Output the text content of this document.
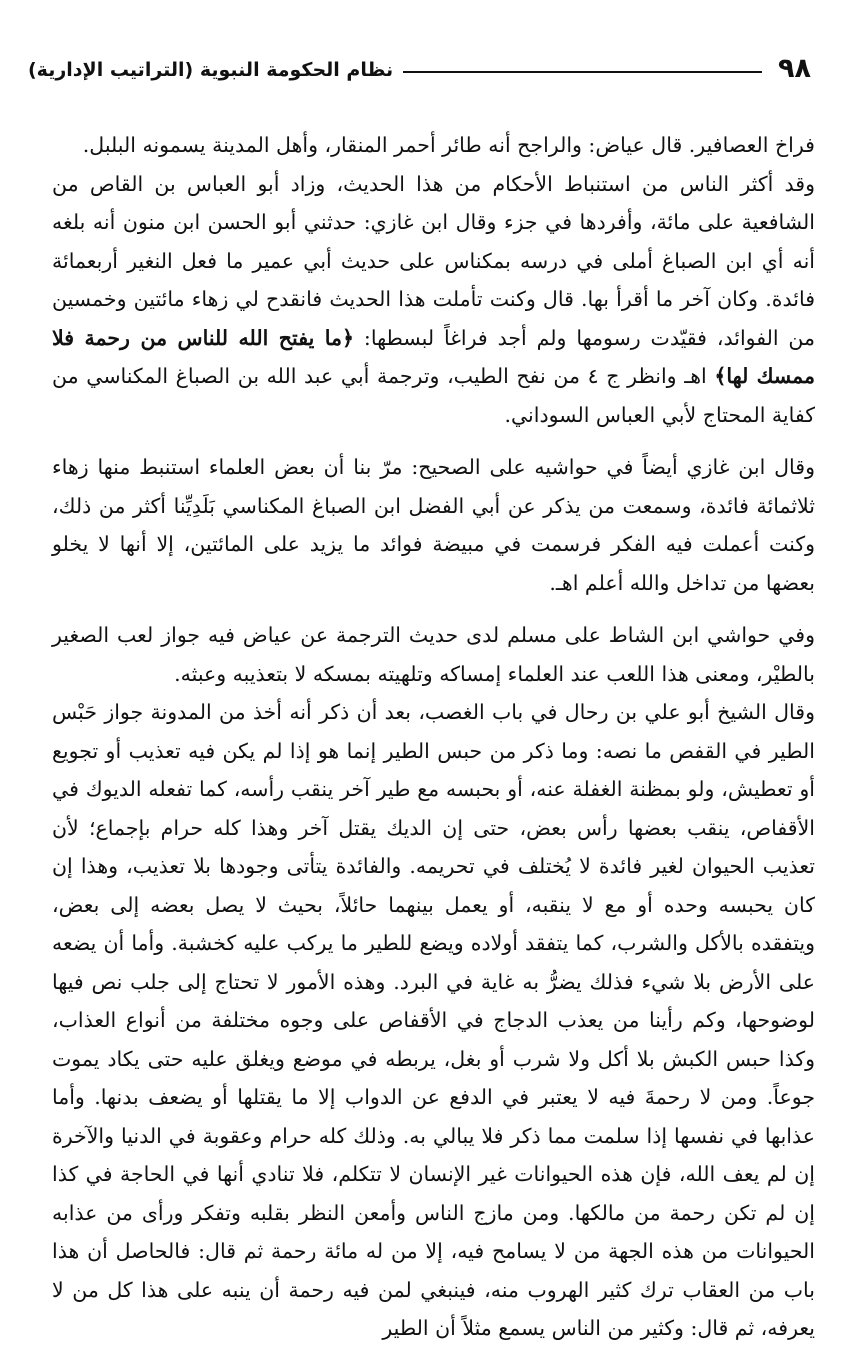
٩٨
نظام الحكومة النبوية (التراتيب الإدارية)

فراخ العصافير. قال عياض: والراجح أنه طائر أحمر المنقار، وأهل المدينة يسمونه البلبل.

وقد أكثر الناس من استنباط الأحكام من هذا الحديث، وزاد أبو العباس بن القاص من الشافعية على مائة، وأفردها في جزء وقال ابن غازي: حدثني أبو الحسن ابن منون أنه بلغه أنه أي ابن الصباغ أملى في درسه بمكناس على حديث أبي عمير ما فعل النغير أربعمائة فائدة. وكان آخر ما أقرأ بها. قال وكنت تأملت هذا الحديث فانقدح لي زهاء مائتين وخمسين من الفوائد، فقيّدت رسومها ولم أجد فراغاً لبسطها: ﴿ما يفتح الله للناس من رحمة فلا ممسك لها﴾ اهـ وانظر ج ٤ من نفح الطيب، وترجمة أبي عبد الله بن الصباغ المكناسي من كفاية المحتاج لأبي العباس السوداني.

وقال ابن غازي أيضاً في حواشيه على الصحيح: مرّ بنا أن بعض العلماء استنبط منها زهاء ثلاثمائة فائدة، وسمعت من يذكر عن أبي الفضل ابن الصباغ المكناسي بَلَدِيِّنا أكثر من ذلك، وكنت أعملت فيه الفكر فرسمت في مبيضة فوائد ما يزيد على المائتين، إلا أنها لا يخلو بعضها من تداخل والله أعلم اهـ.

وفي حواشي ابن الشاط على مسلم لدى حديث الترجمة عن عياض فيه جواز لعب الصغير بالطيْر، ومعنى هذا اللعب عند العلماء إمساكه وتلهيته بمسكه لا بتعذيبه وعبثه.

وقال الشيخ أبو علي بن رحال في باب الغصب، بعد أن ذكر أنه أخذ من المدونة جواز حَبْس الطير في القفص ما نصه: وما ذكر من حبس الطير إنما هو إذا لم يكن فيه تعذيب أو تجويع أو تعطيش، ولو بمظنة الغفلة عنه، أو بحبسه مع طير آخر ينقب رأسه، كما تفعله الديوك في الأقفاص، ينقب بعضها رأس بعض، حتى إن الديك يقتل آخر وهذا كله حرام بإجماع؛ لأن تعذيب الحيوان لغير فائدة لا يُختلف في تحريمه. والفائدة يتأتى وجودها بلا تعذيب، وهذا إن كان يحبسه وحده أو مع لا ينقبه، أو يعمل بينهما حائلاً، بحيث لا يصل بعضه إلى بعض، ويتفقده بالأكل والشرب، كما يتفقد أولاده ويضع للطير ما يركب عليه كخشبة. وأما أن يضعه على الأرض بلا شيء فذلك يضرُّ به غاية في البرد. وهذه الأمور لا تحتاج إلى جلب نص فيها لوضوحها، وكم رأينا من يعذب الدجاج في الأقفاص على وجوه مختلفة من أنواع العذاب، وكذا حبس الكبش بلا أكل ولا شرب أو بغل، يربطه في موضع ويغلق عليه حتى يكاد يموت جوعاً. ومن لا رحمةَ فيه لا يعتبر في الدفع عن الدواب إلا ما يقتلها أو يضعف بدنها. وأما عذابها في نفسها إذا سلمت مما ذكر فلا يبالي به. وذلك كله حرام وعقوبة في الدنيا والآخرة إن لم يعف الله، فإن هذه الحيوانات غير الإنسان لا تتكلم، فلا تنادي أنها في الحاجة في كذا إن لم تكن رحمة من مالكها. ومن مازج الناس وأمعن النظر بقلبه وتفكر ورأى من عذابه الحيوانات من هذه الجهة من لا يسامح فيه، إلا من له مائة رحمة ثم قال: فالحاصل أن هذا باب من العقاب ترك كثير الهروب منه، فينبغي لمن فيه رحمة أن ينبه على هذا كل من لا يعرفه، ثم قال: وكثير من الناس يسمع مثلاً أن الطير
